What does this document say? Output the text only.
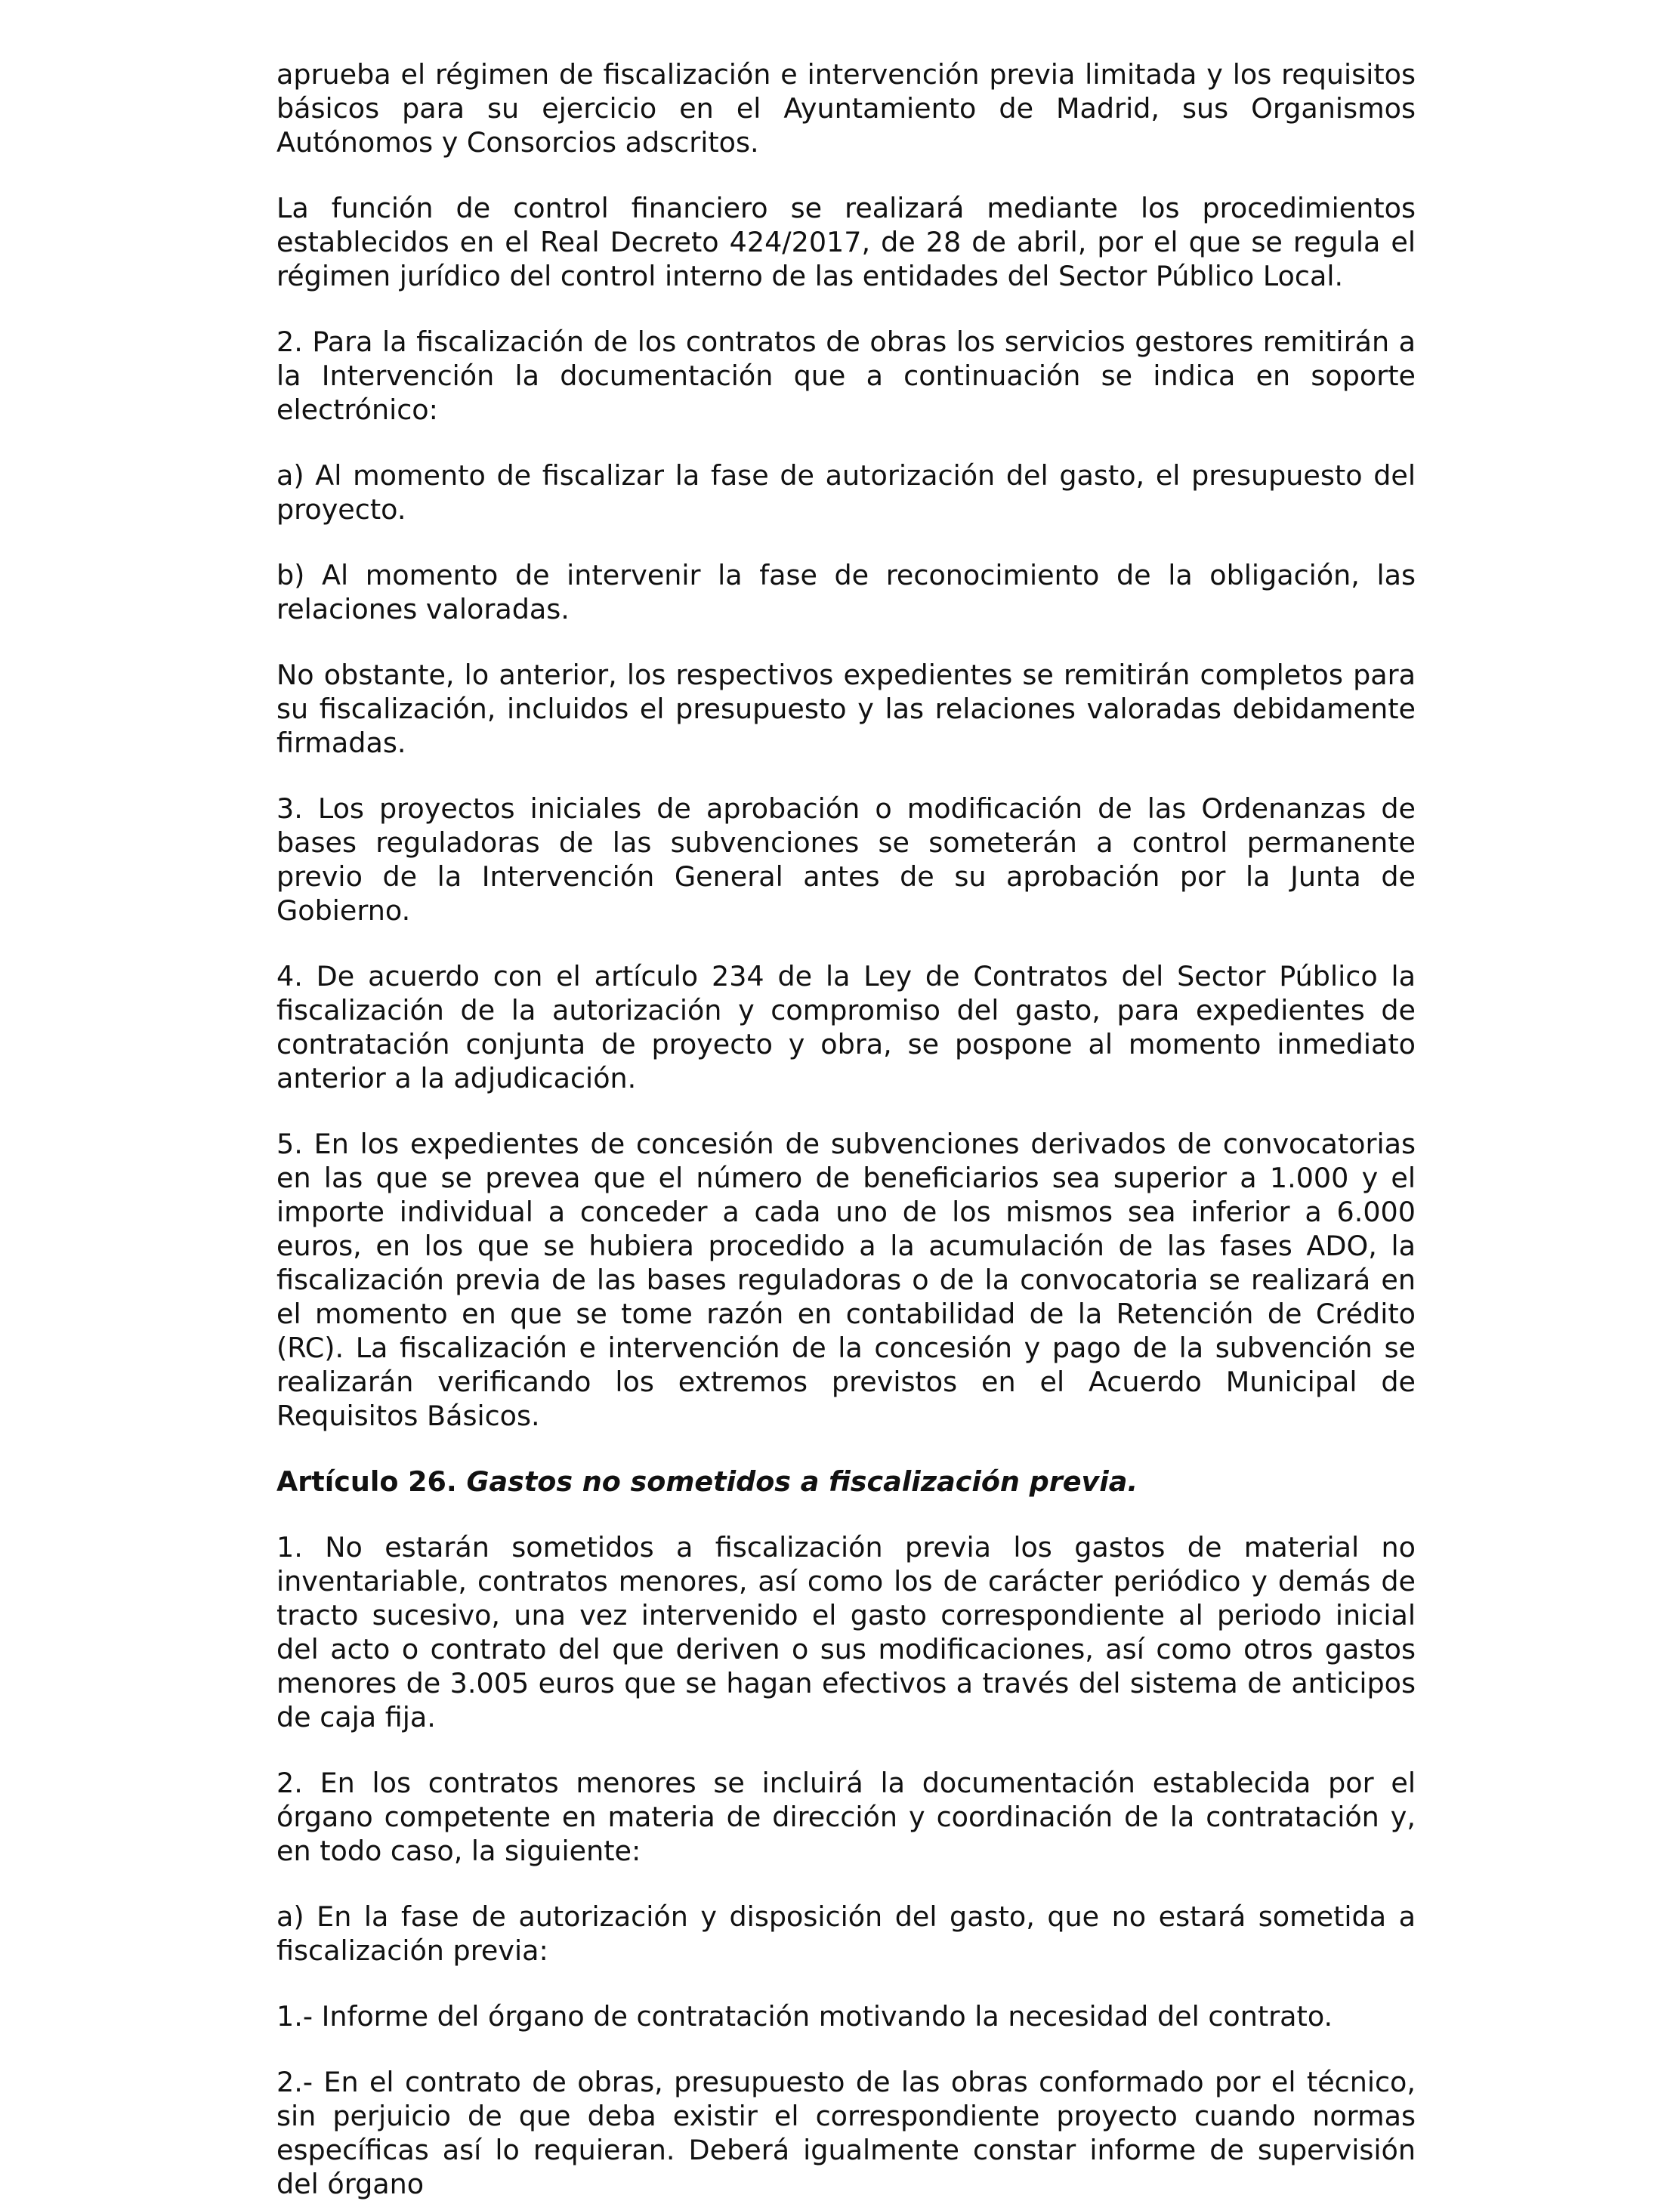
aprueba el régimen de fiscalización e intervención previa limitada y los requisitos básicos para su ejercicio en el Ayuntamiento de Madrid, sus Organismos Autónomos y Consorcios adscritos.

La función de control financiero se realizará mediante los procedimientos establecidos en el Real Decreto 424/2017, de 28 de abril, por el que se regula el régimen jurídico del control interno de las entidades del Sector Público Local.

2. Para la fiscalización de los contratos de obras los servicios gestores remitirán a la Intervención la documentación que a continuación se indica en soporte electrónico:

a) Al momento de fiscalizar la fase de autorización del gasto, el presupuesto del proyecto.

b) Al momento de intervenir la fase de reconocimiento de la obligación, las relaciones valoradas.

No obstante, lo anterior, los respectivos expedientes se remitirán completos para su fiscalización, incluidos el presupuesto y las relaciones valoradas debidamente firmadas.

3. Los proyectos iniciales de aprobación o modificación de las Ordenanzas de bases reguladoras de las subvenciones se someterán a control permanente previo de la Intervención General antes de su aprobación por la Junta de Gobierno.

4. De acuerdo con el artículo 234 de la Ley de Contratos del Sector Público la fiscalización de la autorización y compromiso del gasto, para expedientes de contratación conjunta de proyecto y obra, se pospone al momento inmediato anterior a la adjudicación.

5. En los expedientes de concesión de subvenciones derivados de convocatorias en las que se prevea que el número de beneficiarios sea superior a 1.000 y el importe individual a conceder a cada uno de los mismos sea inferior a 6.000 euros, en los que se hubiera procedido a la acumulación de las fases ADO, la fiscalización previa de las bases reguladoras o de la convocatoria se realizará en el momento en que se tome razón en contabilidad de la Retención de Crédito (RC). La fiscalización e intervención de la concesión y pago de la subvención se realizarán verificando los extremos previstos en el Acuerdo Municipal de Requisitos Básicos.

Artículo 26. Gastos no sometidos a fiscalización previa.

1. No estarán sometidos a fiscalización previa los gastos de material no inventariable, contratos menores, así como los de carácter periódico y demás de tracto sucesivo, una vez intervenido el gasto correspondiente al periodo inicial del acto o contrato del que deriven o sus modificaciones, así como otros gastos menores de 3.005 euros que se hagan efectivos a través del sistema de anticipos de caja fija.

2. En los contratos menores se incluirá la documentación establecida por el órgano competente en materia de dirección y coordinación de la contratación y, en todo caso, la siguiente:

a) En la fase de autorización y disposición del gasto, que no estará sometida a fiscalización previa:

1.- Informe del órgano de contratación motivando la necesidad del contrato.

2.- En el contrato de obras, presupuesto de las obras conformado por el técnico, sin perjuicio de que deba existir el correspondiente proyecto cuando normas específicas así lo requieran. Deberá igualmente constar informe de supervisión del órgano
